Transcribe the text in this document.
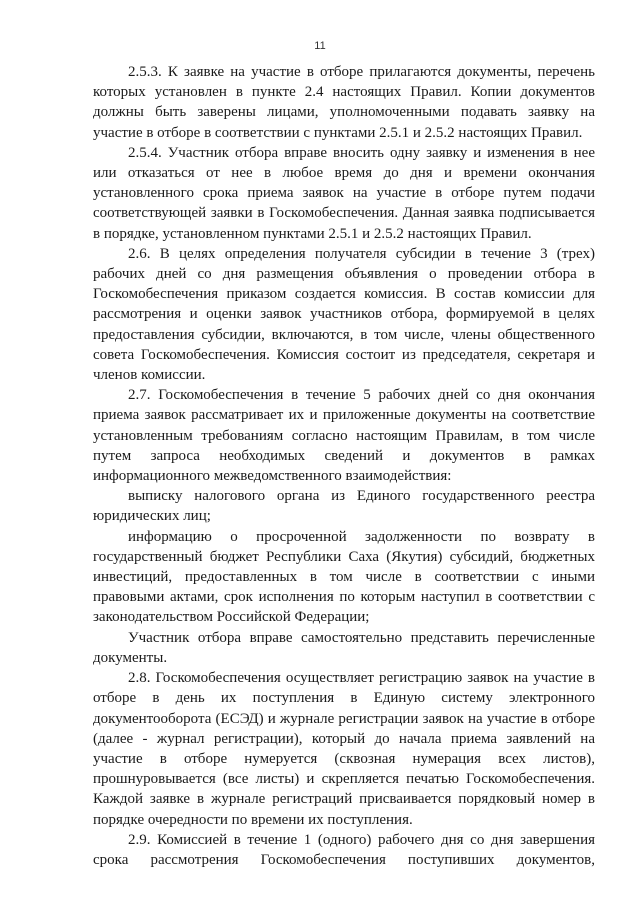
11

2.5.3. К заявке на участие в отборе прилагаются документы, перечень которых установлен в пункте 2.4 настоящих Правил. Копии документов должны быть заверены лицами, уполномоченными подавать заявку на участие в отборе в соответствии с пунктами 2.5.1 и 2.5.2 настоящих Правил.

2.5.4. Участник отбора вправе вносить одну заявку и изменения в нее или отказаться от нее в любое время до дня и времени окончания установленного срока приема заявок на участие в отборе путем подачи соответствующей заявки в Госкомобеспечения. Данная заявка подписывается в порядке, установленном пунктами 2.5.1 и 2.5.2 настоящих Правил.

2.6. В целях определения получателя субсидии в течение 3 (трех) рабочих дней со дня размещения объявления о проведении отбора в Госкомобеспечения приказом создается комиссия. В состав комиссии для рассмотрения и оценки заявок участников отбора, формируемой в целях предоставления субсидии, включаются, в том числе, члены общественного совета Госкомобеспечения. Комиссия состоит из председателя, секретаря и членов комиссии.

2.7. Госкомобеспечения в течение 5 рабочих дней со дня окончания приема заявок рассматривает их и приложенные документы на соответствие установленным требованиям согласно настоящим Правилам, в том числе путем запроса необходимых сведений и документов в рамках информационного межведомственного взаимодействия:

выписку налогового органа из Единого государственного реестра юридических лиц;

информацию о просроченной задолженности по возврату в государственный бюджет Республики Саха (Якутия) субсидий, бюджетных инвестиций, предоставленных в том числе в соответствии с иными правовыми актами, срок исполнения по которым наступил в соответствии с законодательством Российской Федерации;

Участник отбора вправе самостоятельно представить перечисленные документы.

2.8. Госкомобеспечения осуществляет регистрацию заявок на участие в отборе в день их поступления в Единую систему электронного документооборота (ЕСЭД) и журнале регистрации заявок на участие в отборе (далее - журнал регистрации), который до начала приема заявлений на участие в отборе нумеруется (сквозная нумерация всех листов), прошнуровывается (все листы) и скрепляется печатью Госкомобеспечения. Каждой заявке в журнале регистраций присваивается порядковый номер в порядке очередности по времени их поступления.

2.9. Комиссией в течение 1 (одного) рабочего дня со дня завершения срока рассмотрения Госкомобеспечения поступивших документов,
